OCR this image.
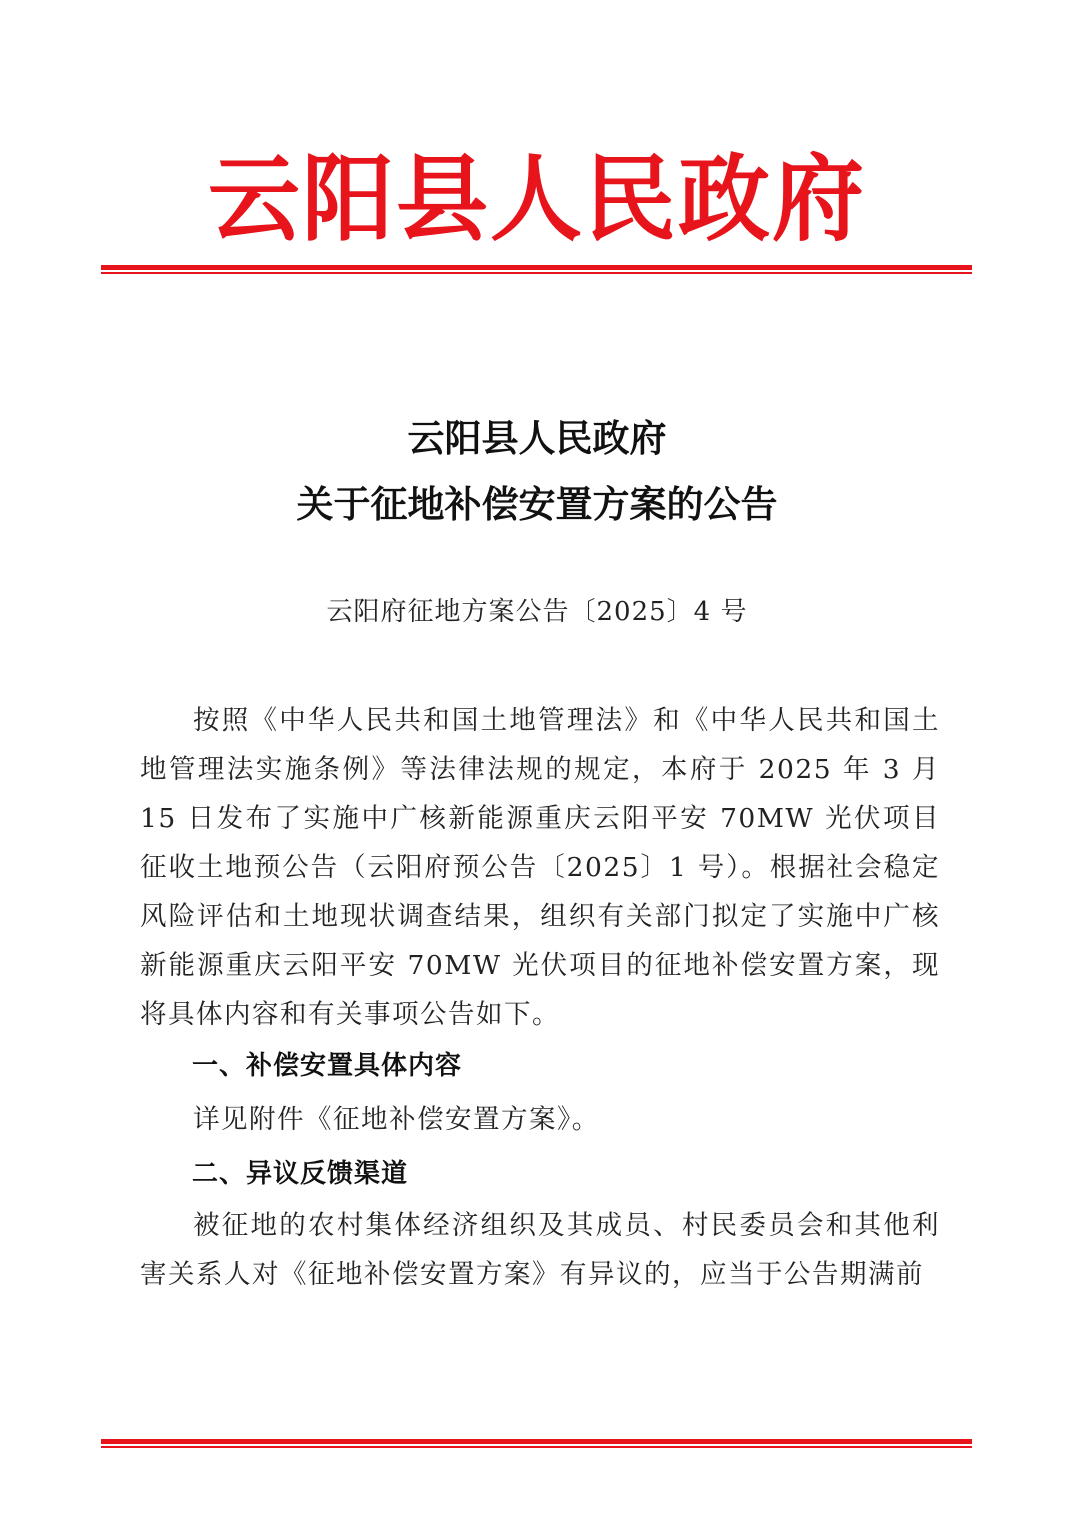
云阳县人民政府
云阳县人民政府
关于征地补偿安置方案的公告
云阳府征地方案公告〔2025〕4 号

按照《中华人民共和国土地管理法》和《中华人民共和国土地管理法实施条例》等法律法规的规定，本府于 2025 年 3 月 15 日发布了实施中广核新能源重庆云阳平安 70MW 光伏项目征收土地预公告（云阳府预公告〔2025〕1 号）。根据社会稳定风险评估和土地现状调查结果，组织有关部门拟定了实施中广核新能源重庆云阳平安 70MW 光伏项目的征地补偿安置方案，现将具体内容和有关事项公告如下。

一、补偿安置具体内容

详见附件《征地补偿安置方案》。

二、异议反馈渠道

被征地的农村集体经济组织及其成员、村民委员会和其他利害关系人对《征地补偿安置方案》有异议的，应当于公告期满前
